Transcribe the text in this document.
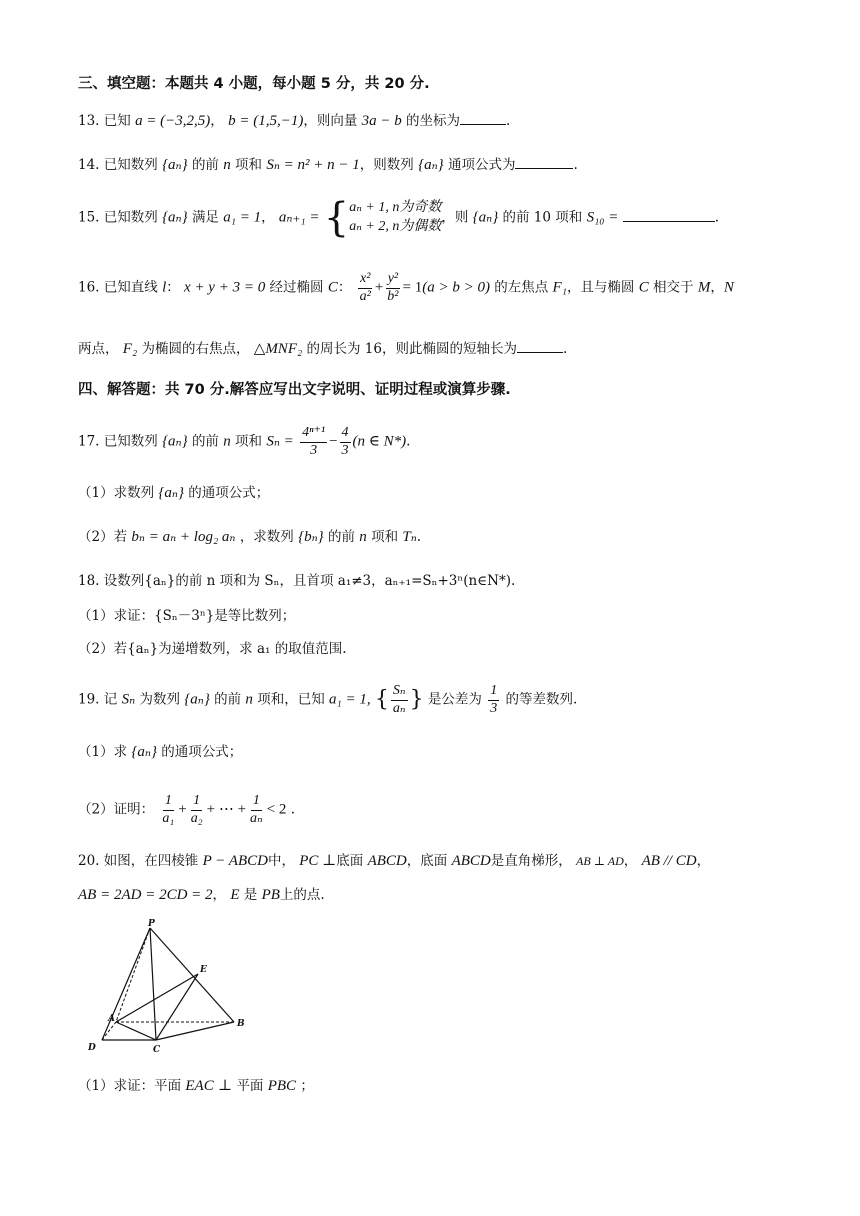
三、填空题：本题共 4 小题，每小题 5 分，共 20 分.
13. 已知 a = (−3,2,5)， b = (1,5,−1)，则向量 3a − b 的坐标为	.
14. 已知数列 {aₙ} 的前 n 项和 Sₙ = n² + n − 1，则数列 {aₙ} 通项公式为	.
15. 已知数列 {aₙ} 满足 a₁ = 1， aₙ₊₁ = { aₙ + 1, n为奇数
aₙ + 2, n为偶数
，则 {aₙ} 的前 10 项和 S₁₀ =	.
16. 已知直线 l： x + y + 3 = 0 经过椭圆 C： $\frac{\text{x²}}{\text{a²}} + \frac{\text{y²}}{\text{b²}} = 1(a > b > 0)$ 的左焦点 F₁，且与椭圆 C 相交于 M，N
两点， F₂ 为椭圆的右焦点， △MNF₂ 的周长为 16，则此椭圆的短轴长为	.
四、解答题：共 70 分.解答应写出文字说明、证明过程或演算步骤.
17. 已知数列 {aₙ} 的前 n 项和 $S_n = \frac{\text{4ⁿ⁺¹}}{3} - \frac{4}{3} (n$ ∈ N*).
（1）求数列 {aₙ} 的通项公式；
（2）若 bₙ = aₙ + log₂ aₙ ，求数列 {bₙ} 的前 n 项和 Tₙ.
18. 设数列{aₙ}的前 n 项和为 Sₙ，且首项 a₁≠3，aₙ₊₁=Sₙ+3ⁿ(n∈N*).
（1）求证：{Sₙ－3ⁿ}是等比数列；
（2）若{aₙ}为递增数列，求 a₁ 的取值范围.
19. 记 Sₙ 为数列 {aₙ} 的前 n 项和，已知 a₁ = 1, { $\frac{\text{Sₙ}}{\text{aₙ}}$ } 是公差为 $\frac{1}{3}$ 的等差数列.
（1）求 {aₙ} 的通项公式；
（2）证明： $\frac{1}{\text{a₁}} + \frac{1}{\text{a₂}}$ + ⋯ + $\frac{1}{\text{aₙ}} < 2$ .
20. 如图，在四棱锥 P − ABCD中， PC ⊥底面 ABCD，底面 ABCD是直角梯形， AB ⊥ AD， AB // CD，
AB = 2AD = 2CD = 2， E 是 PB上的点.
P
E
A	B
C
D
（1）求证：平面 EAC ⊥ 平面 PBC ；
